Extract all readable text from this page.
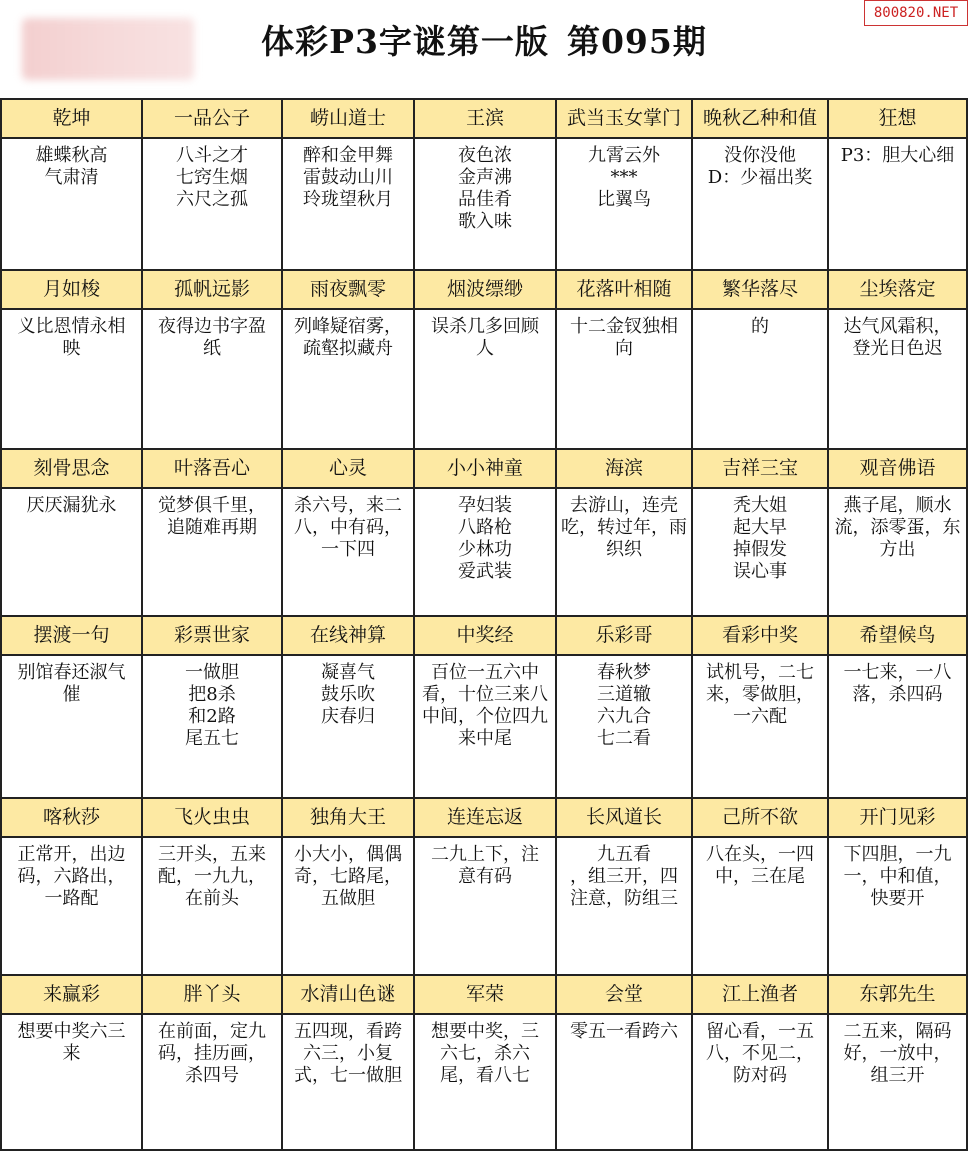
体彩P3字谜第一版 第095期
800820.NET
乾坤	一品公子	崂山道士	王滨	武当玉女掌门	晚秋乙种和值	狂想

雄蝶秋高
气肃清	八斗之才
七窍生烟
六尺之孤	醉和金甲舞
雷鼓动山川
玲珑望秋月	夜色浓
金声沸
品佳肴
歌入味	九霄云外
***
比翼鸟	没你没他
D：少福出奖	P3：胆大心细

月如梭	孤帆远影	雨夜飘零	烟波缥缈	花落叶相随	繁华落尽	尘埃落定

义比恩情永相
映	夜得边书字盈
纸	列峰疑宿雾，
疏壑拟藏舟	误杀几多回顾
人	十二金钗独相
向	的	达气风霜积，
登光日色迟

刻骨思念	叶落吾心	心灵	小小神童	海滨	吉祥三宝	观音佛语

厌厌漏犹永	觉梦俱千里，
追随难再期	杀六号，来二
八，中有码，
一下四	孕妇装
八路枪
少林功
爱武装	去游山，连壳
吃，转过年，雨
织织	秃大姐
起大早
掉假发
误心事	燕子尾，顺水
流，添零蛋，东
方出

摆渡一句	彩票世家	在线神算	中奖经	乐彩哥	看彩中奖	希望候鸟

别馆春还淑气
催	一做胆
把8杀
和2路
尾五七	凝喜气
鼓乐吹
庆春归	百位一五六中
看，十位三来八
中间，个位四九
来中尾	春秋梦
三道辙
六九合
七二看	试机号，二七
来，零做胆，
一六配	一七来，一八
落，杀四码

喀秋莎	飞火虫虫	独角大王	连连忘返	长风道长	己所不欲	开门见彩

正常开，出边
码，六路出，
一路配	三开头，五来
配，一九九，
在前头	小大小，偶偶
奇，七路尾，
五做胆	二九上下，注
意有码	九五看
，组三开，四
注意，防组三	八在头，一四
中，三在尾	下四胆，一九
一，中和值，
快要开

来赢彩	胖丫头	水清山色谜	军荣	会堂	江上渔者	东郭先生

想要中奖六三
来	在前面，定九
码，挂历画，
杀四号	五四现，看跨
六三，小复
式，七一做胆	想要中奖，三
六七，杀六
尾，看八七	零五一看跨六	留心看，一五
八，不见二，
防对码	二五来，隔码
好，一放中，
组三开
